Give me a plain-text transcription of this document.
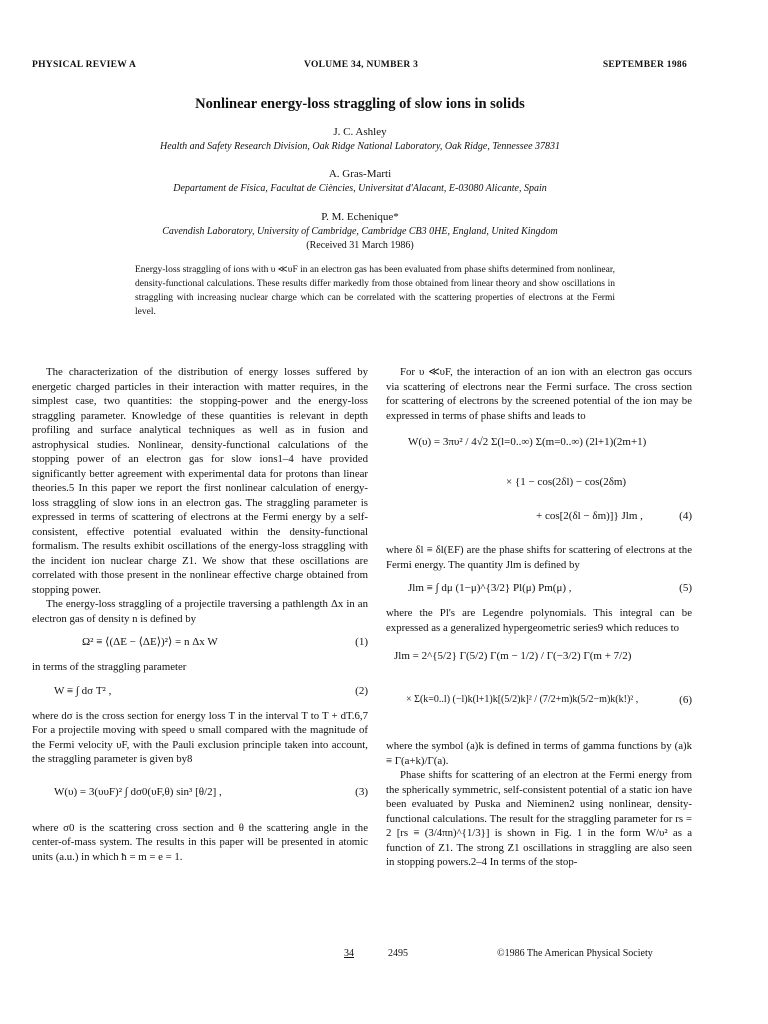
PHYSICAL REVIEW A	VOLUME 34, NUMBER 3	SEPTEMBER 1986
Nonlinear energy-loss straggling of slow ions in solids
J. C. Ashley
Health and Safety Research Division, Oak Ridge National Laboratory, Oak Ridge, Tennessee 37831
A. Gras-Marti
Departament de Física, Facultat de Ciències, Universitat d'Alacant, E-03080 Alicante, Spain
P. M. Echenique*
Cavendish Laboratory, University of Cambridge, Cambridge CB3 0HE, England, United Kingdom
(Received 31 March 1986)
Energy-loss straggling of ions with υ ≪υF in an electron gas has been evaluated from phase shifts determined from nonlinear, density-functional calculations. These results differ markedly from those obtained from linear theory and show oscillations in straggling with increasing nuclear charge which can be correlated with the scattering properties of electrons at the Fermi level.

The characterization of the distribution of energy losses suffered by energetic charged particles in their interaction with matter requires, in the simplest case, two quantities: the stopping-power and the energy-loss straggling parameter. Knowledge of these quantities is relevant in depth profiling and surface analytical techniques as well as in fusion and astrophysical studies. Nonlinear, density-functional calculations of the stopping power of an electron gas for slow ions1–4 have provided significantly better agreement with experimental data for protons than linear theories.5 In this paper we report the first nonlinear calculation of energy-loss straggling of slow ions in an electron gas. The straggling parameter is expressed in terms of scattering of electrons at the Fermi energy by a self-consistent, effective potential evaluated within the density-functional formalism. The results exhibit oscillations of the energy-loss straggling with the incident ion nuclear charge Z1. We show that these oscillations are correlated with those present in the nonlinear effective charge obtained from stopping power.

The energy-loss straggling of a projectile traversing a pathlength Δx in an electron gas of density n is defined by

Ω² ≡ ⟨(ΔE − ⟨ΔE⟩)²⟩ = n Δx W	(1)

in terms of the straggling parameter

W ≡ ∫ dσ T² ,	(2)

where dσ is the cross section for energy loss T in the interval T to T + dT.6,7 For a projectile moving with speed υ small compared with the magnitude of the Fermi velocity υF, with the Pauli exclusion principle taken into account, the straggling parameter is given by8

W(υ) = 3(υυF)² ∫ dσ0(υF,θ) sin³ [θ/2] ,	(3)

where σ0 is the scattering cross section and θ the scattering angle in the center-of-mass system. The results in this paper will be presented in atomic units (a.u.) in which ħ = m = e = 1.

For υ ≪υF, the interaction of an ion with an electron gas occurs via scattering of electrons near the Fermi surface. The cross section for scattering of electrons by the screened potential of the ion may be expressed in terms of phase shifts and leads to

W(υ) = 3πυ² / 4√2 Σ(l=0..∞) Σ(m=0..∞) (2l+1)(2m+1)
× {1 − cos(2δl) − cos(2δm)
+ cos[2(δl − δm)]} Jlm ,	(4)

where δl ≡ δl(EF) are the phase shifts for scattering of electrons at the Fermi energy. The quantity Jlm is defined by

Jlm ≡ ∫ dμ (1−μ)^{3/2} Pl(μ) Pm(μ) ,	(5)

where the Pl's are Legendre polynomials. This integral can be expressed as a generalized hypergeometric series9 which reduces to

Jlm = 2^{5/2} Γ(5/2) Γ(m − 1/2) / Γ(−3/2) Γ(m + 7/2)
× Σ(k=0..l) (−l)k(l+1)k[(5/2)k]² / (7/2+m)k(5/2−m)k(k!)² ,	(6)

where the symbol (a)k is defined in terms of gamma functions by (a)k ≡ Γ(a+k)/Γ(a).

Phase shifts for scattering of an electron at the Fermi energy from the spherically symmetric, self-consistent potential of a static ion have been evaluated by Puska and Nieminen2 using nonlinear, density-functional calculations. The result for the straggling parameter for rs = 2 [rs ≡ (3/4πn)^{1/3}] is shown in Fig. 1 in the form W/υ² as a function of Z1. The strong Z1 oscillations in straggling are also seen in stopping powers.2–4 In terms of the stop-

34	2495	©1986 The American Physical Society
